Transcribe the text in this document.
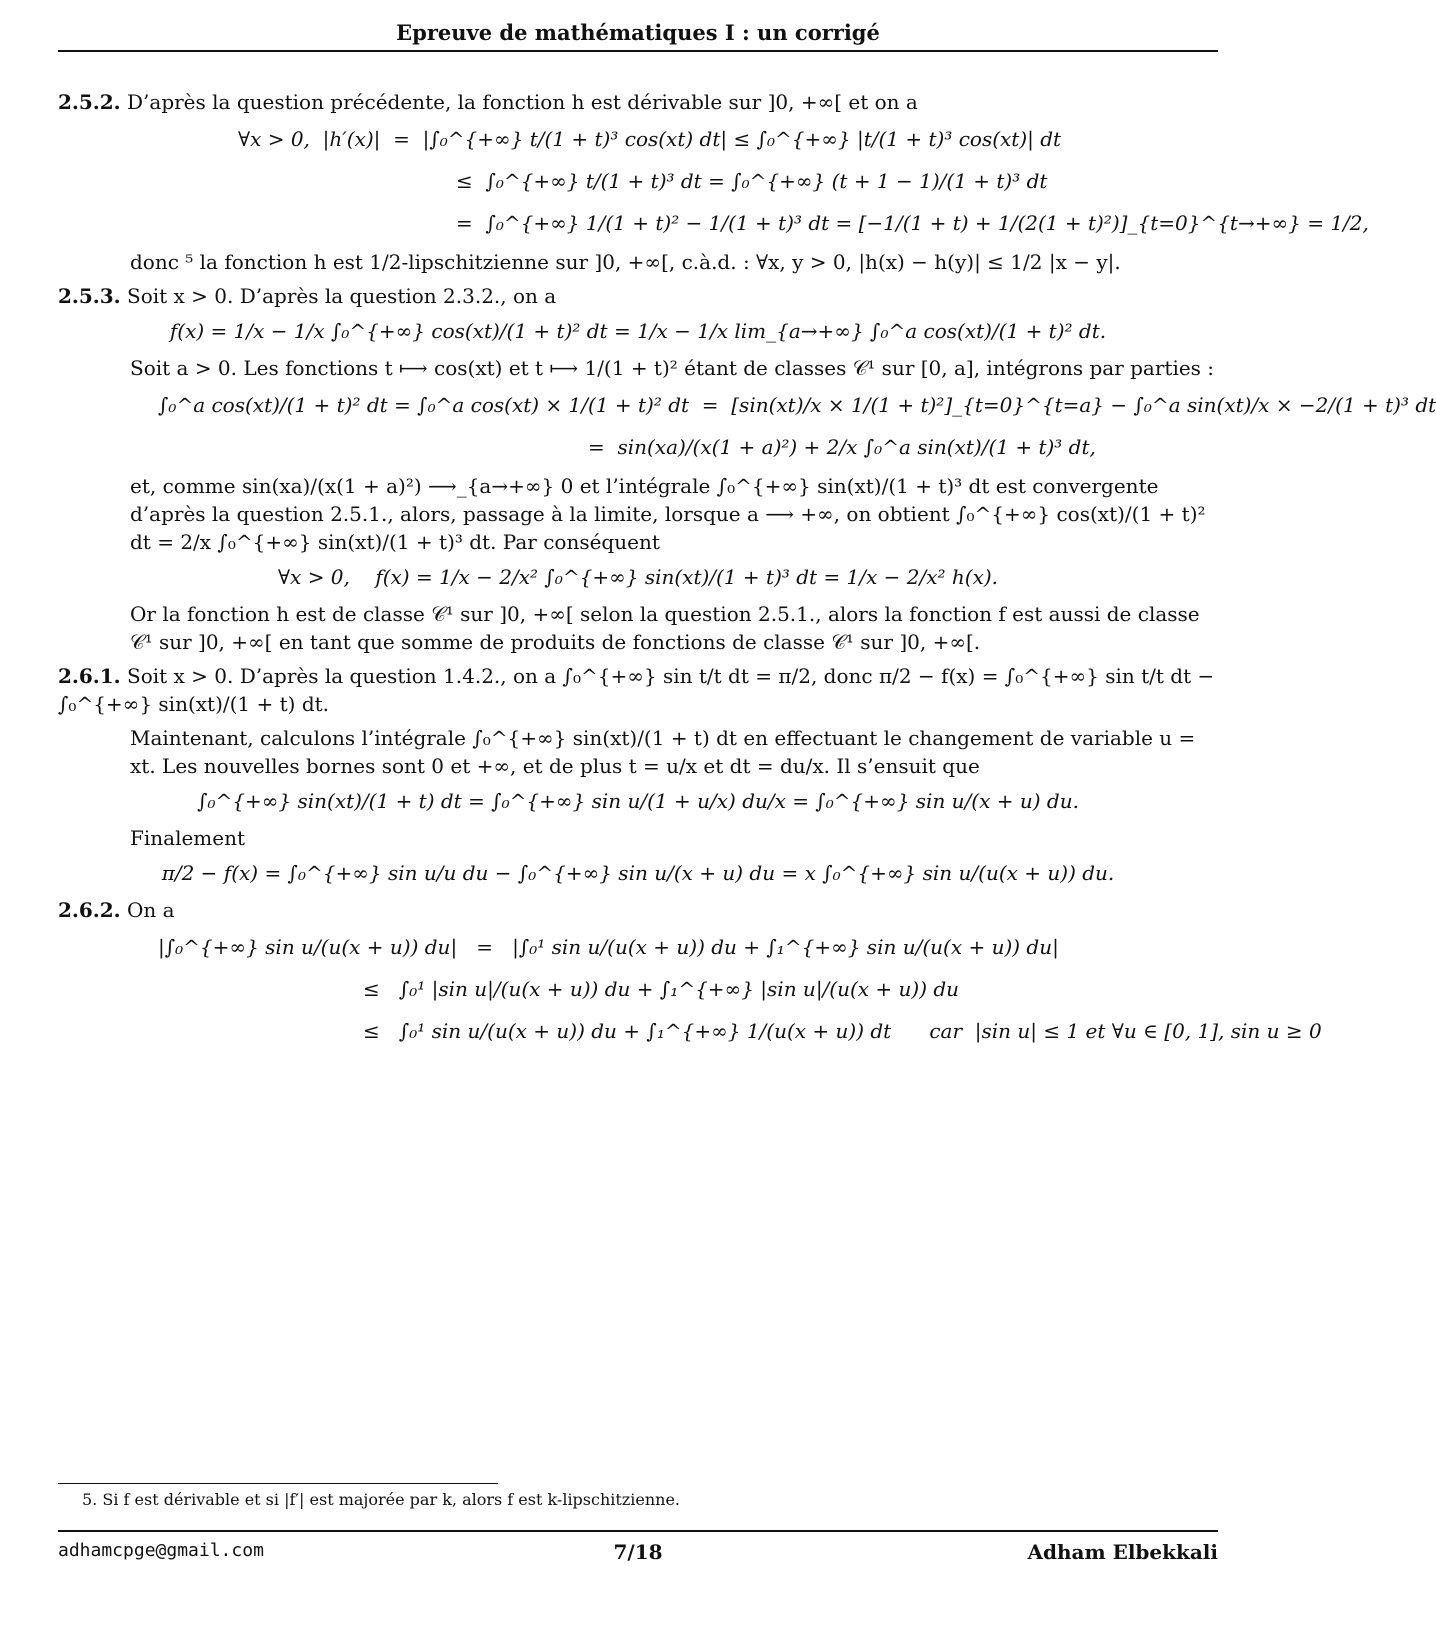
Epreuve de mathématiques I : un corrigé

2.5.2. D’après la question précédente, la fonction h est dérivable sur ]0, +∞[ et on a

∀x > 0,  |h′(x)|  =  |∫₀^{+∞} t/(1 + t)³ cos(xt) dt| ≤ ∫₀^{+∞} |t/(1 + t)³ cos(xt)| dt
≤  ∫₀^{+∞} t/(1 + t)³ dt = ∫₀^{+∞} (t + 1 − 1)/(1 + t)³ dt
=  ∫₀^{+∞} 1/(1 + t)² − 1/(1 + t)³ dt = [−1/(1 + t) + 1/(2(1 + t)²)]_{t=0}^{t→+∞} = 1/2,

donc ⁵ la fonction h est 1/2-lipschitzienne sur ]0, +∞[, c.à.d. : ∀x, y > 0, |h(x) − h(y)| ≤ 1/2 |x − y|.

2.5.3. Soit x > 0. D’après la question 2.3.2., on a

f(x) = 1/x − 1/x ∫₀^{+∞} cos(xt)/(1 + t)² dt = 1/x − 1/x lim_{a→+∞} ∫₀^a cos(xt)/(1 + t)² dt.

Soit a > 0. Les fonctions t ⟼ cos(xt) et t ⟼ 1/(1 + t)² étant de classes 𝒞¹ sur [0, a], intégrons par parties :

∫₀^a cos(xt)/(1 + t)² dt = ∫₀^a cos(xt) × 1/(1 + t)² dt  =  [sin(xt)/x × 1/(1 + t)²]_{t=0}^{t=a} − ∫₀^a sin(xt)/x × −2/(1 + t)³ dt
=  sin(xa)/(x(1 + a)²) + 2/x ∫₀^a sin(xt)/(1 + t)³ dt,

et, comme sin(xa)/(x(1 + a)²) ⟶_{a→+∞} 0 et l’intégrale ∫₀^{+∞} sin(xt)/(1 + t)³ dt est convergente d’après la question 2.5.1., alors, passage à la limite, lorsque a ⟶ +∞, on obtient ∫₀^{+∞} cos(xt)/(1 + t)² dt = 2/x ∫₀^{+∞} sin(xt)/(1 + t)³ dt. Par conséquent

∀x > 0,    f(x) = 1/x − 2/x² ∫₀^{+∞} sin(xt)/(1 + t)³ dt = 1/x − 2/x² h(x).

Or la fonction h est de classe 𝒞¹ sur ]0, +∞[ selon la question 2.5.1., alors la fonction f est aussi de classe 𝒞¹ sur ]0, +∞[ en tant que somme de produits de fonctions de classe 𝒞¹ sur ]0, +∞[.

2.6.1. Soit x > 0. D’après la question 1.4.2., on a ∫₀^{+∞} sin t/t dt = π/2, donc π/2 − f(x) = ∫₀^{+∞} sin t/t dt − ∫₀^{+∞} sin(xt)/(1 + t) dt.

Maintenant, calculons l’intégrale ∫₀^{+∞} sin(xt)/(1 + t) dt en effectuant le changement de variable u = xt. Les nouvelles bornes sont 0 et +∞, et de plus t = u/x et dt = du/x. Il s’ensuit que

∫₀^{+∞} sin(xt)/(1 + t) dt = ∫₀^{+∞} sin u/(1 + u/x) du/x = ∫₀^{+∞} sin u/(x + u) du.

Finalement

π/2 − f(x) = ∫₀^{+∞} sin u/u du − ∫₀^{+∞} sin u/(x + u) du = x ∫₀^{+∞} sin u/(u(x + u)) du.

2.6.2. On a

|∫₀^{+∞} sin u/(u(x + u)) du|   =   |∫₀¹ sin u/(u(x + u)) du + ∫₁^{+∞} sin u/(u(x + u)) du|
≤   ∫₀¹ |sin u|/(u(x + u)) du + ∫₁^{+∞} |sin u|/(u(x + u)) du
≤   ∫₀¹ sin u/(u(x + u)) du + ∫₁^{+∞} 1/(u(x + u)) dt      car  |sin u| ≤ 1 et ∀u ∈ [0, 1], sin u ≥ 0
5. Si f est dérivable et si |f′| est majorée par k, alors f est k-lipschitzienne.
adhamcpge@gmail.com	7/18	Adham Elbekkali
